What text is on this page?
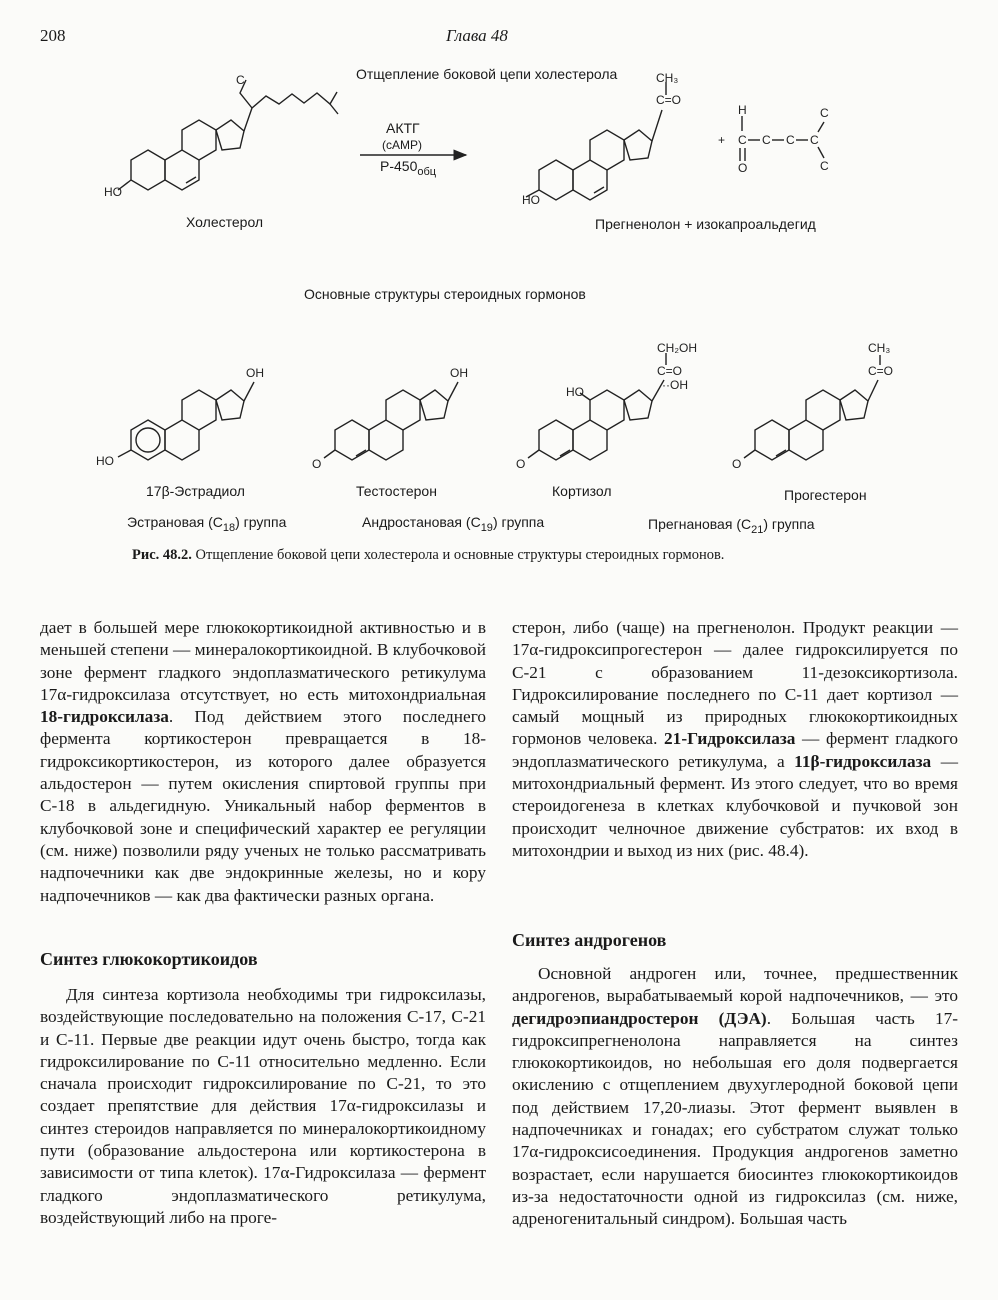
208	Глава 48
C
HO
HO
CH₃
C=O
H
C
O
+	C C C
C
C
OH
HO
OH
O	O
HO
CH₂OH
C=O
··OH
O
CH₃
C=O
Отщепление боковой цепи холестерола
АКТГ
(cAMP)
$Р-450_{обц}$
Холестерол	Прегненолон + изокапроальдегид
Основные структуры стероидных гормонов
17β-Эстрадиол	Тестостерон	Кортизол	Прогестерон
Эстрановая $(С_{18})$ группа	Андростановая $(С_{19})$ группа	Прегнановая $(С_{21})$ группа
Рис. 48.2. Отщепление боковой цепи холестерола и основные структуры стероидных гормонов.

дает в большей мере глюкокортикоидной активностью и в меньшей степени — минералокортикоидной. В клубочковой зоне фермент гладкого эндоплазматического ретикулума 17α-гидроксилаза отсутствует, но есть митохондриальная 18-гидроксилаза. Под действием этого последнего фермента кортикостерон превращается в 18-гидроксикортикостерон, из которого далее образуется альдостерон — путем окисления спиртовой группы при С-18 в альдегидную. Уникальный набор ферментов в клубочковой зоне и специфический характер ее регуляции (см. ниже) позволили ряду ученых не только рассматривать надпочечники как две эндокринные железы, но и кору надпочечников — как два фактически разных органа.

Синтез глюкокортикоидов

Для синтеза кортизола необходимы три гидроксилазы, воздействующие последовательно на положения С-17, С-21 и С-11. Первые две реакции идут очень быстро, тогда как гидроксилирование по С-11 относительно медленно. Если сначала происходит гидроксилирование по С-21, то это создает препятствие для действия 17α-гидроксилазы и синтез стероидов направляется по минералокортикоидному пути (образование альдостерона или кортикостерона в зависимости от типа клеток). 17α-Гидроксилаза — фермент гладкого эндоплазматического ретикулума, воздействующий либо на проге-

стерон, либо (чаще) на прегненолон. Продукт реакции — 17α-гидроксипрогестерон — далее гидроксилируется по С-21 с образованием 11-дезоксикортизола. Гидроксилирование последнего по С-11 дает кортизол — самый мощный из природных глюкокортикоидных гормонов человека. 21-Гидроксилаза — фермент гладкого эндоплазматического ретикулума, а 11β-гидроксилаза — митохондриальный фермент. Из этого следует, что во время стероидогенеза в клетках клубочковой и пучковой зон происходит челночное движение субстратов: их вход в митохондрии и выход из них (рис. 48.4).

Синтез андрогенов

Основной андроген или, точнее, предшественник андрогенов, вырабатываемый корой надпочечников, — это дегидроэпиандростерон (ДЭА). Большая часть 17-гидроксипрегненолона направляется на синтез глюкокортикоидов, но небольшая его доля подвергается окислению с отщеплением двухуглеродной боковой цепи под действием 17,20-лиазы. Этот фермент выявлен в надпочечниках и гонадах; его субстратом служат только 17α-гидроксисоединения. Продукция андрогенов заметно возрастает, если нарушается биосинтез глюкокортикоидов из-за недостаточности одной из гидроксилаз (см. ниже, адреногенитальный синдром). Большая часть
